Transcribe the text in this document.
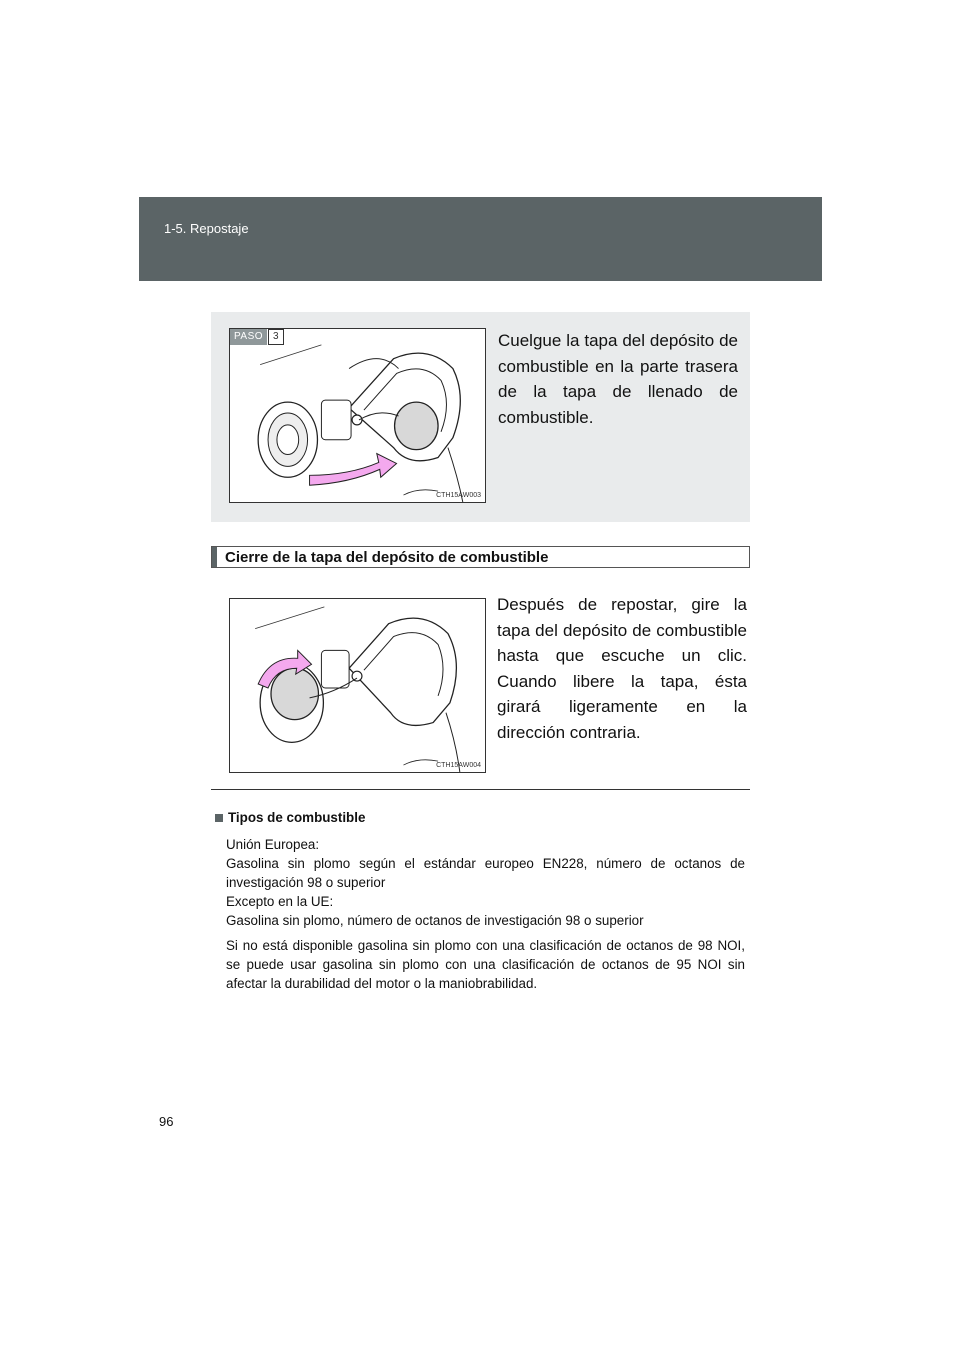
1-5. Repostaje
PASO	3
CTH15AW003
Cuelgue la tapa del depósito de combustible en la parte trasera de la tapa de llenado de combustible.
Cierre de la tapa del depósito de combustible
CTH15AW004
Después de repostar, gire la tapa del depósito de combustible hasta que escuche un clic. Cuando libere la tapa, ésta girará ligeramente en la dirección contraria.
Tipos de combustible

Unión Europea:

Gasolina sin plomo según el estándar europeo EN228, número de octanos de investigación 98 o superior

Excepto en la UE:

Gasolina sin plomo, número de octanos de investigación 98 o superior

Si no está disponible gasolina sin plomo con una clasificación de octanos de 98 NOI, se puede usar gasolina sin plomo con una clasificación de octanos de 95 NOI sin afectar la durabilidad del motor o la maniobrabilidad.

96
